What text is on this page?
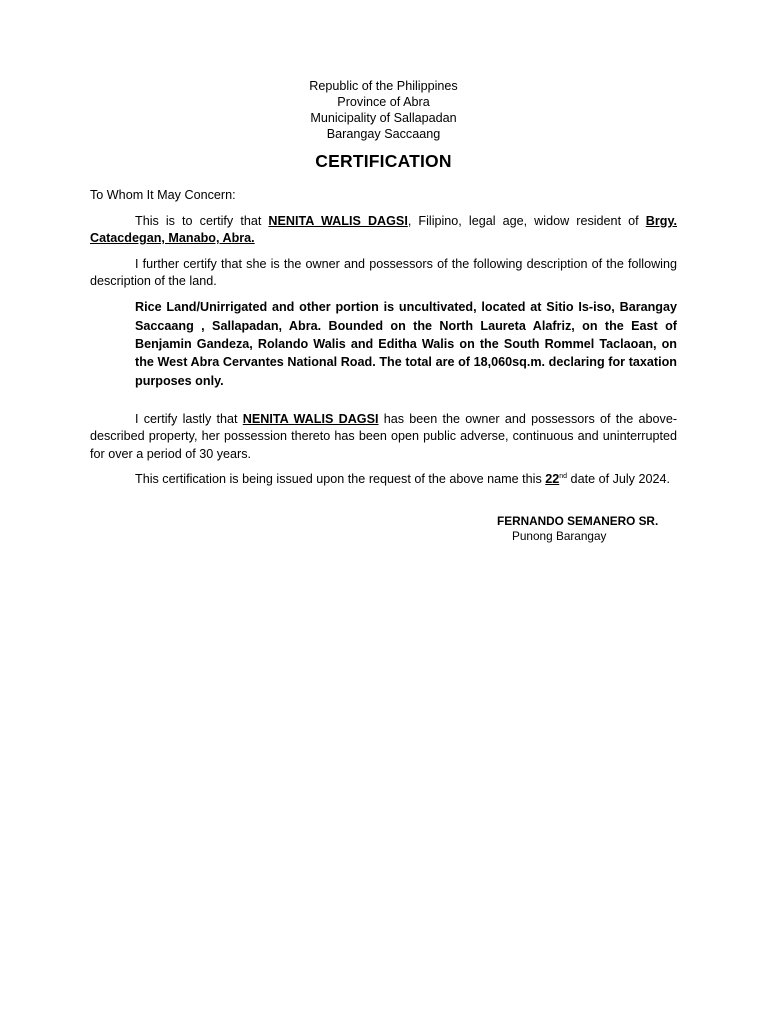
Republic of the Philippines
Province of Abra
Municipality of Sallapadan
Barangay Saccaang
CERTIFICATION
To Whom It May Concern:

This is to certify that NENITA WALIS DAGSI, Filipino, legal age, widow resident of Brgy. Catacdegan, Manabo, Abra.

I further certify that she is the owner and possessors of the following description of the following description of the land.

Rice Land/Unirrigated and other portion is uncultivated, located at Sitio Is-iso, Barangay Saccaang , Sallapadan, Abra. Bounded on the North Laureta Alafriz, on the East of Benjamin Gandeza, Rolando Walis and Editha Walis on the South Rommel Taclaoan, on the West Abra Cervantes National Road. The total are of 18,060sq.m. declaring for taxation purposes only.

I certify lastly that NENITA WALIS DAGSI has been the owner and possessors of the above-described property, her possession thereto has been open public adverse, continuous and uninterrupted for over a period of 30 years.

This certification is being issued upon the request of the above name this 22nd date of July 2024.

FERNANDO SEMANERO SR.
Punong Barangay
